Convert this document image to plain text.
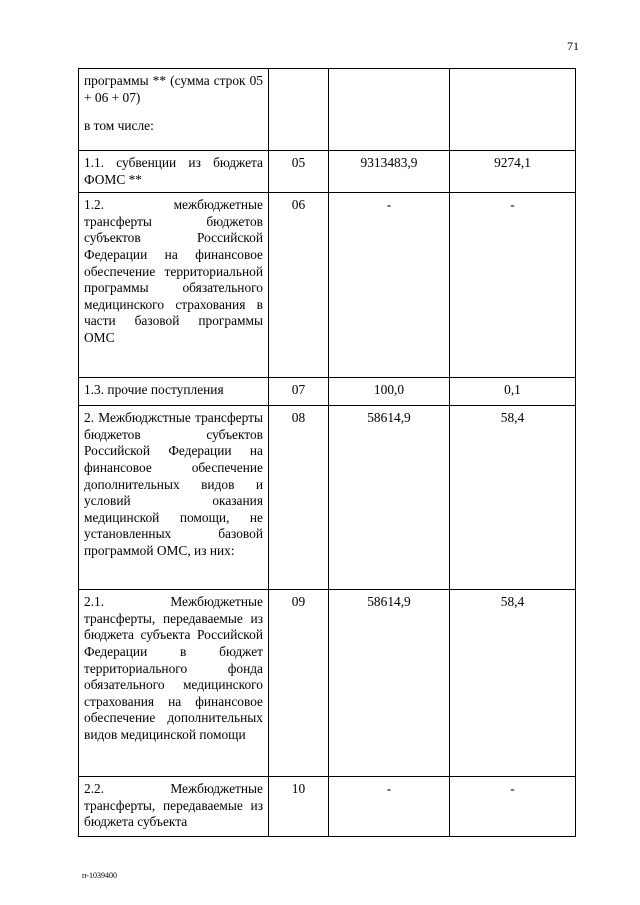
71
программы ** (сумма строк 05 + 06 + 07)
в том числе:			

1.1. субвенции из бюджета ФОМС **	05	9313483,9	9274,1
1.2. межбюджетные трансферты бюджетов субъектов Российской Федерации на финансовое обеспечение территориальной программы обязательного медицинского страхования в части базовой программы ОМС	06	-	-
1.3. прочие поступления	07	100,0	0,1
2. Межбюджстные трансферты бюджетов субъектов Российской Федерации на финансовое обеспечение дополнительных видов и условий оказания медицинской помощи, не установленных базовой программой ОМС, из них:	08	58614,9	58,4
2.1. Межбюджетные трансферты, передаваемые из бюджета субъекта Российской Федерации в бюджет территориального фонда обязательного медицинского страхования на финансовое обеспечение дополнительных видов медицинской помощи	09	58614,9	58,4
2.2. Межбюджетные трансферты, передаваемые из бюджета субъекта	10	-	-
п-1039400
